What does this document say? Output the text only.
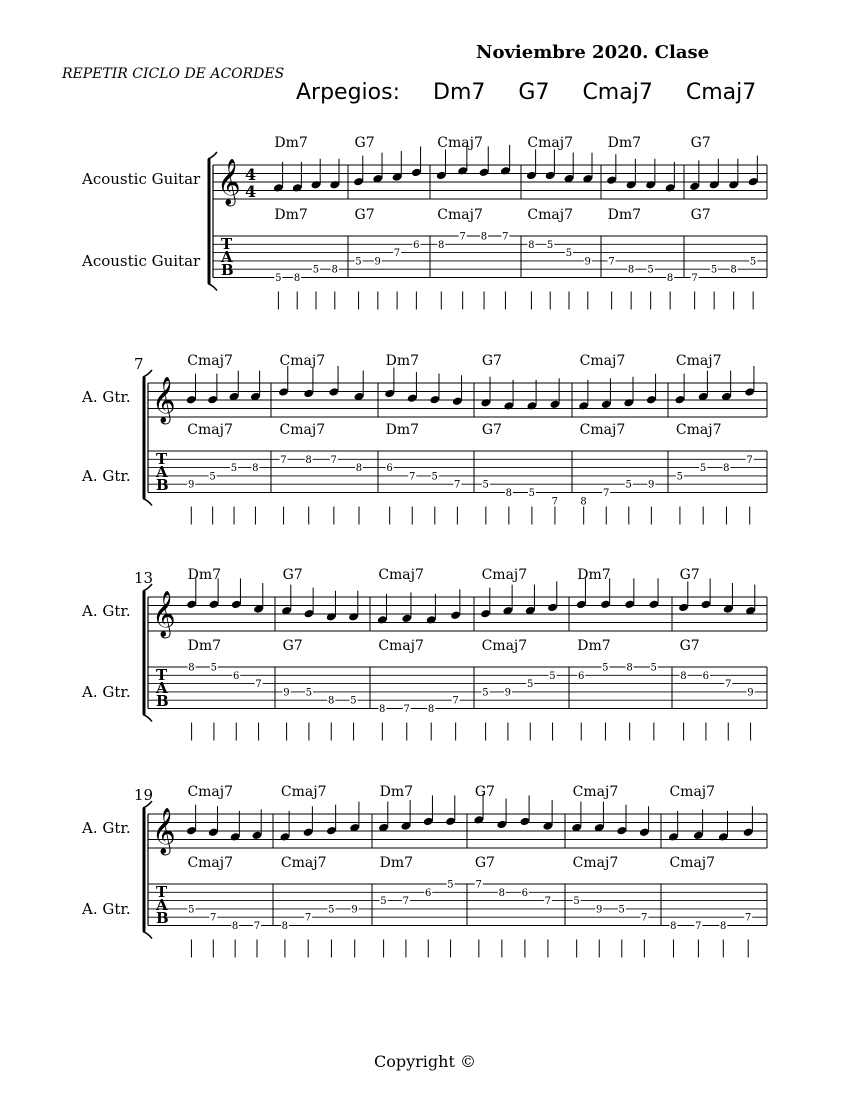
Noviembre 2020. Clase
REPETIR CICLO DE ACORDES
Arpegios: Dm7 G7 Cmaj7 Cmaj7
Acoustic Guitar
Acoustic Guitar
𝄞 4
4
T
A
B
Dm7
Dm7
5 8
5 8
G7
G7
5 9
7
6
Cmaj7
Cmaj7
8
7 8 7
Cmaj7
Cmaj7
8 5
5
9
Dm7
Dm7
7
8 5
8
G7
G7
7
5 8
5
A. Gtr.
A. Gtr.
7
𝄞
T
A
B
Cmaj7
Cmaj7
9
5
5 8
Cmaj7
Cmaj7
7 8 7
8
Dm7
Dm7
6
7 5
7
G7
G7
5
8 5
7
Cmaj7
Cmaj7
8
7
5 9
Cmaj7
Cmaj7
5
5 8
7
A. Gtr.
A. Gtr.
13
𝄞
T
A
B
Dm7
Dm7
8 5
6
7
G7
G7
9 5
8 5
Cmaj7
Cmaj7
8 7 8
7
Cmaj7
Cmaj7
5 9
5
5
Dm7
Dm7
6
5 8 5
G7
G7
8 6
7
9
A. Gtr.
A. Gtr.
19
𝄞
T
A
B
Cmaj7
Cmaj7
5
7
8 7
Cmaj7
Cmaj7
8
7
5 9
Dm7
Dm7
5 7
6
5
G7
G7
7
8 6
7
Cmaj7
Cmaj7
5
9 5
7
Cmaj7
Cmaj7
8 7 8
7
Copyright ©
